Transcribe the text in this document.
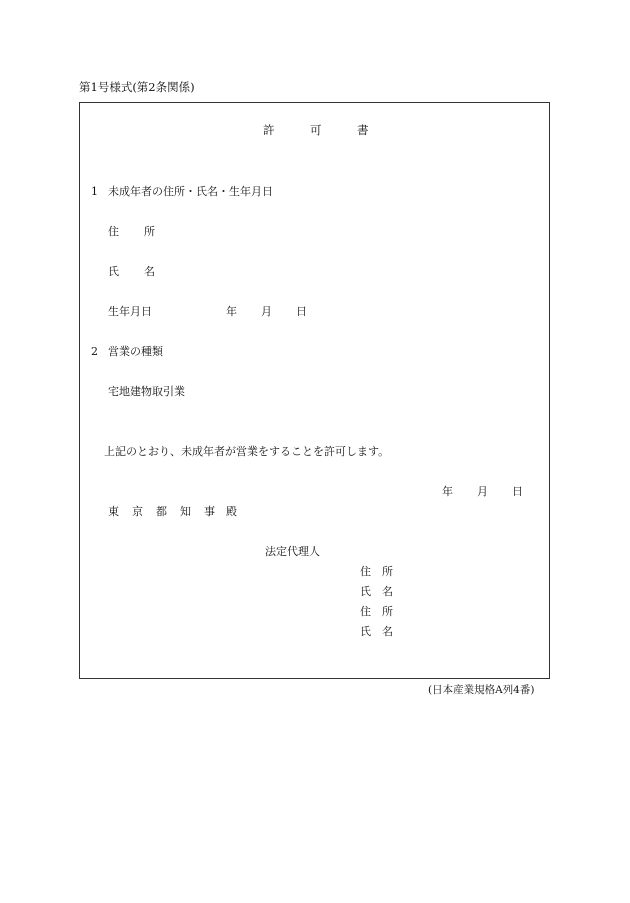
第1号様式(第2条関係)
許	可	書
1 未成年者の住所・氏名・生年月日
住 所
氏 名
生年月日	年 月 日
2 営業の種類
宅地建物取引業
上記のとおり、未成年者が営業をすることを許可します。
年 月 日
東 京 都 知 事 殿
法定代理人
住 所
氏 名
住 所
氏 名
(日本産業規格A列4番)
